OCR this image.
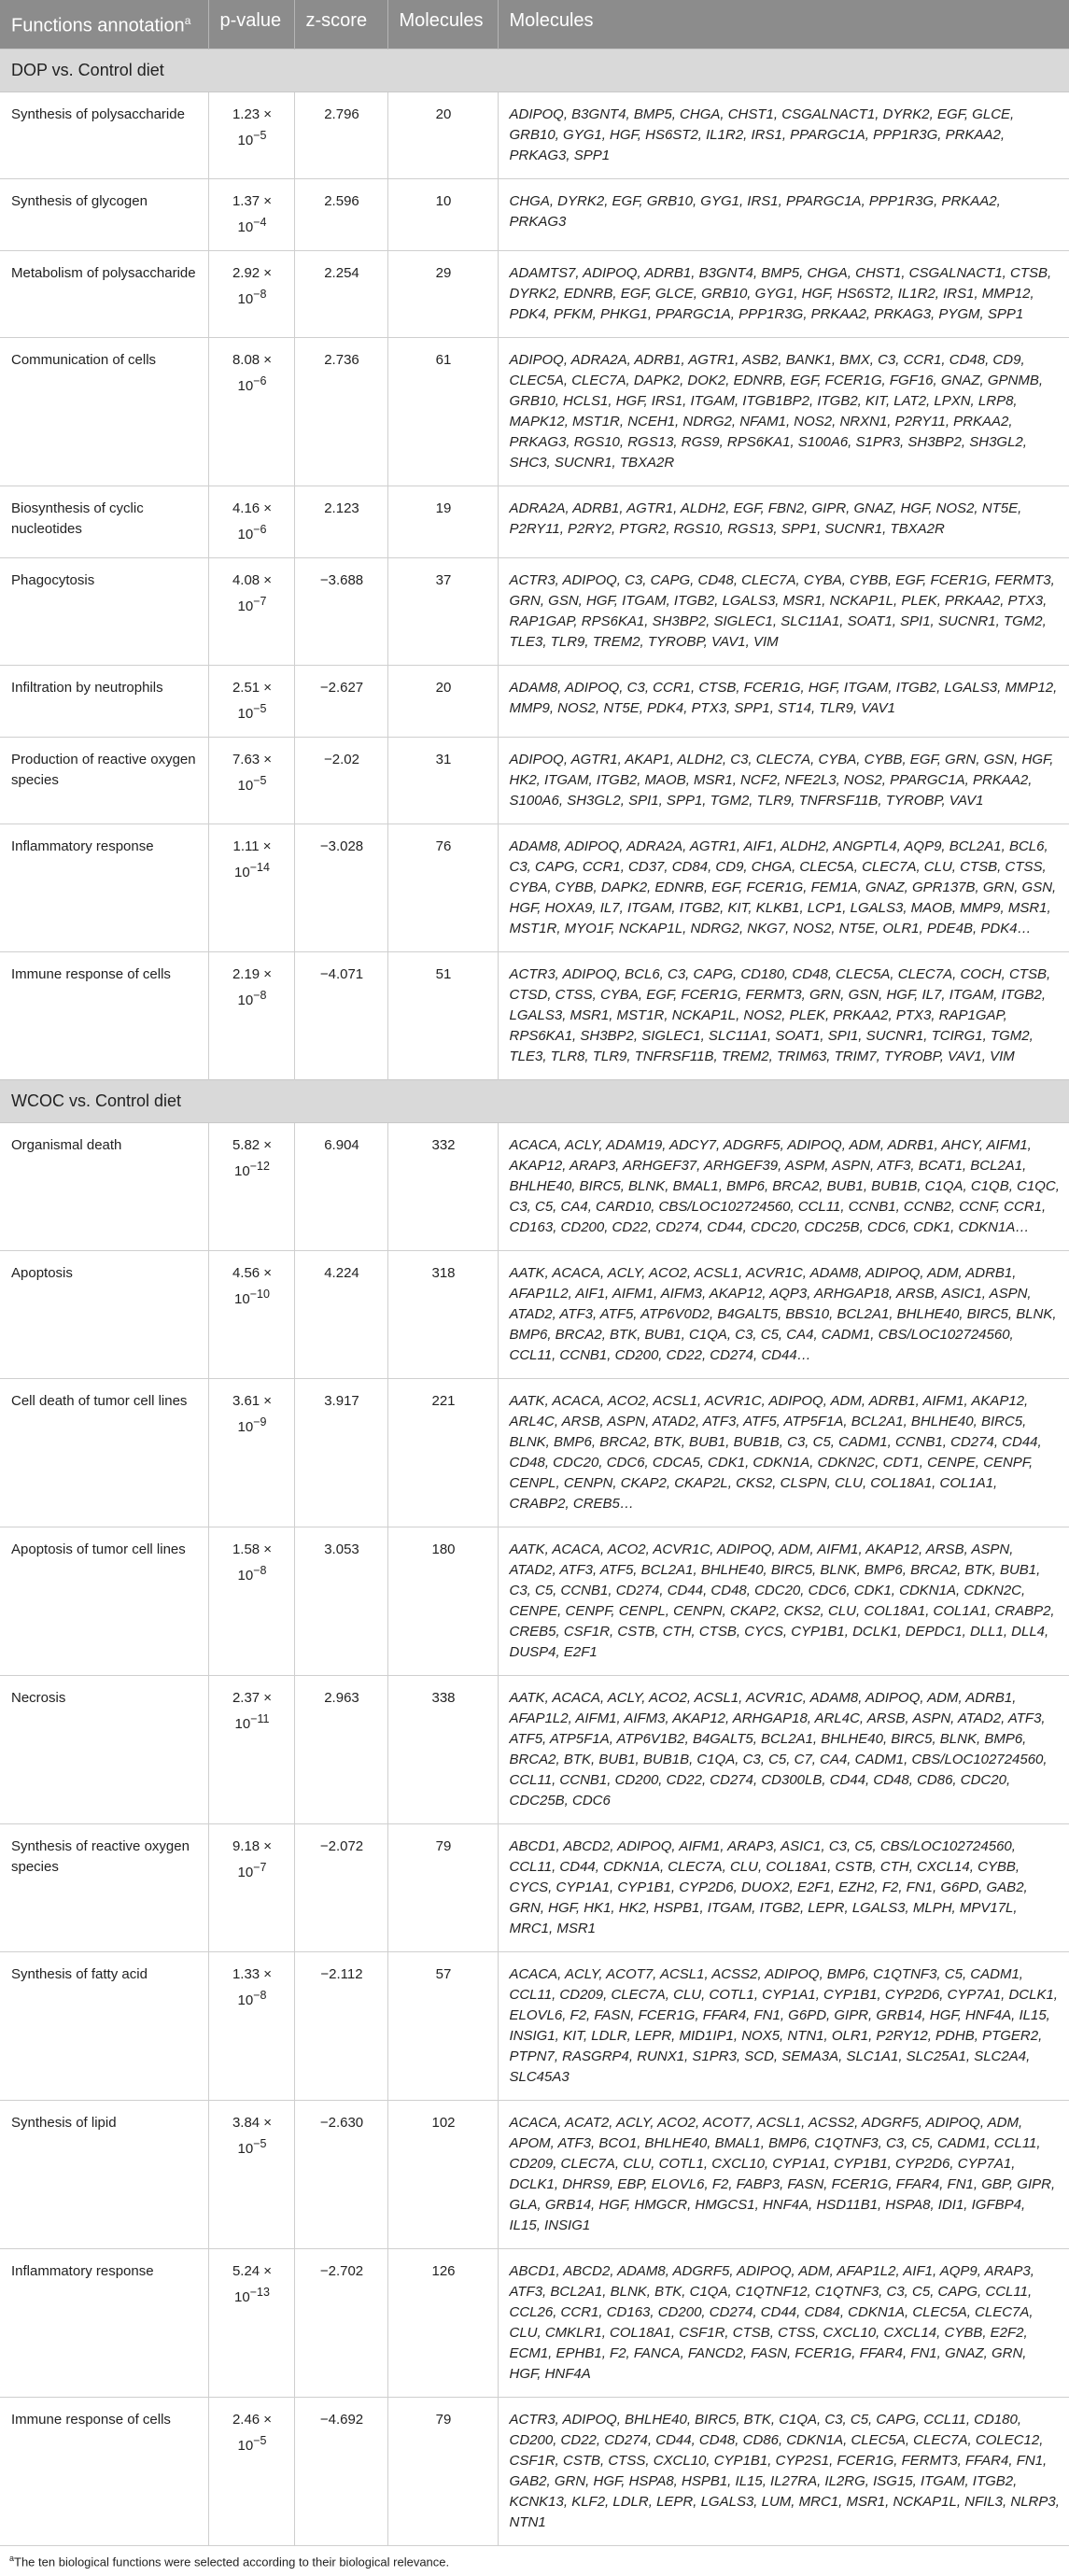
Functions annotation$^a$	p-value	z-score	Molecules	Molecules
DOP vs. Control diet				
Synthesis of polysaccharide	$1.23 \times 10^{-5}$	2.796	20	ADIPOQ, B3GNT4, BMP5, CHGA, CHST1, CSGALNACT1, DYRK2, EGF, GLCE, GRB10, GYG1, HGF, HS6ST2, IL1R2, IRS1, PPARGC1A, PPP1R3G, PRKAA2, PRKAG3, SPP1
Synthesis of glycogen	$1.37 \times 10^{-4}$	2.596	10	CHGA, DYRK2, EGF, GRB10, GYG1, IRS1, PPARGC1A, PPP1R3G, PRKAA2, PRKAG3
Metabolism of polysaccharide	$2.92 \times 10^{-8}$	2.254	29	ADAMTS7, ADIPOQ, ADRB1, B3GNT4, BMP5, CHGA, CHST1, CSGALNACT1, CTSB, DYRK2, EDNRB, EGF, GLCE, GRB10, GYG1, HGF, HS6ST2, IL1R2, IRS1, MMP12, PDK4, PFKM, PHKG1, PPARGC1A, PPP1R3G, PRKAA2, PRKAG3, PYGM, SPP1
Communication of cells	$8.08 \times 10^{-6}$	2.736	61	ADIPOQ, ADRA2A, ADRB1, AGTR1, ASB2, BANK1, BMX, C3, CCR1, CD48, CD9, CLEC5A, CLEC7A, DAPK2, DOK2, EDNRB, EGF, FCER1G, FGF16, GNAZ, GPNMB, GRB10, HCLS1, HGF, IRS1, ITGAM, ITGB1BP2, ITGB2, KIT, LAT2, LPXN, LRP8, MAPK12, MST1R, NCEH1, NDRG2, NFAM1, NOS2, NRXN1, P2RY11, PRKAA2, PRKAG3, RGS10, RGS13, RGS9, RPS6KA1, S100A6, S1PR3, SH3BP2, SH3GL2, SHC3, SUCNR1, TBXA2R
Biosynthesis of cyclic nucleotides	$4.16 \times 10^{-6}$	2.123	19	ADRA2A, ADRB1, AGTR1, ALDH2, EGF, FBN2, GIPR, GNAZ, HGF, NOS2, NT5E, P2RY11, P2RY2, PTGR2, RGS10, RGS13, SPP1, SUCNR1, TBXA2R
Phagocytosis	$4.08 \times 10^{-7}$	−3.688	37	ACTR3, ADIPOQ, C3, CAPG, CD48, CLEC7A, CYBA, CYBB, EGF, FCER1G, FERMT3, GRN, GSN, HGF, ITGAM, ITGB2, LGALS3, MSR1, NCKAP1L, PLEK, PRKAA2, PTX3, RAP1GAP, RPS6KA1, SH3BP2, SIGLEC1, SLC11A1, SOAT1, SPI1, SUCNR1, TGM2, TLE3, TLR9, TREM2, TYROBP, VAV1, VIM
Infiltration by neutrophils	$2.51 \times 10^{-5}$	−2.627	20	ADAM8, ADIPOQ, C3, CCR1, CTSB, FCER1G, HGF, ITGAM, ITGB2, LGALS3, MMP12, MMP9, NOS2, NT5E, PDK4, PTX3, SPP1, ST14, TLR9, VAV1
Production of reactive oxygen species	$7.63 \times 10^{-5}$	−2.02	31	ADIPOQ, AGTR1, AKAP1, ALDH2, C3, CLEC7A, CYBA, CYBB, EGF, GRN, GSN, HGF, HK2, ITGAM, ITGB2, MAOB, MSR1, NCF2, NFE2L3, NOS2, PPARGC1A, PRKAA2, S100A6, SH3GL2, SPI1, SPP1, TGM2, TLR9, TNFRSF11B, TYROBP, VAV1
Inflammatory response	$1.11 \times 10^{-14}$	−3.028	76	ADAM8, ADIPOQ, ADRA2A, AGTR1, AIF1, ALDH2, ANGPTL4, AQP9, BCL2A1, BCL6, C3, CAPG, CCR1, CD37, CD84, CD9, CHGA, CLEC5A, CLEC7A, CLU, CTSB, CTSS, CYBA, CYBB, DAPK2, EDNRB, EGF, FCER1G, FEM1A, GNAZ, GPR137B, GRN, GSN, HGF, HOXA9, IL7, ITGAM, ITGB2, KIT, KLKB1, LCP1, LGALS3, MAOB, MMP9, MSR1, MST1R, MYO1F, NCKAP1L, NDRG2, NKG7, NOS2, NT5E, OLR1, PDE4B, PDK4…
Immune response of cells	$2.19 \times 10^{-8}$	−4.071	51	ACTR3, ADIPOQ, BCL6, C3, CAPG, CD180, CD48, CLEC5A, CLEC7A, COCH, CTSB, CTSD, CTSS, CYBA, EGF, FCER1G, FERMT3, GRN, GSN, HGF, IL7, ITGAM, ITGB2, LGALS3, MSR1, MST1R, NCKAP1L, NOS2, PLEK, PRKAA2, PTX3, RAP1GAP, RPS6KA1, SH3BP2, SIGLEC1, SLC11A1, SOAT1, SPI1, SUCNR1, TCIRG1, TGM2, TLE3, TLR8, TLR9, TNFRSF11B, TREM2, TRIM63, TRIM7, TYROBP, VAV1, VIM
WCOC vs. Control diet				
Organismal death	$5.82 \times 10^{-12}$	6.904	332	ACACA, ACLY, ADAM19, ADCY7, ADGRF5, ADIPOQ, ADM, ADRB1, AHCY, AIFM1, AKAP12, ARAP3, ARHGEF37, ARHGEF39, ASPM, ASPN, ATF3, BCAT1, BCL2A1, BHLHE40, BIRC5, BLNK, BMAL1, BMP6, BRCA2, BUB1, BUB1B, C1QA, C1QB, C1QC, C3, C5, CA4, CARD10, CBS/LOC102724560, CCL11, CCNB1, CCNB2, CCNF, CCR1, CD163, CD200, CD22, CD274, CD44, CDC20, CDC25B, CDC6, CDK1, CDKN1A…
Apoptosis	$4.56 \times 10^{-10}$	4.224	318	AATK, ACACA, ACLY, ACO2, ACSL1, ACVR1C, ADAM8, ADIPOQ, ADM, ADRB1, AFAP1L2, AIF1, AIFM1, AIFM3, AKAP12, AQP3, ARHGAP18, ARSB, ASIC1, ASPN, ATAD2, ATF3, ATF5, ATP6V0D2, B4GALT5, BBS10, BCL2A1, BHLHE40, BIRC5, BLNK, BMP6, BRCA2, BTK, BUB1, C1QA, C3, C5, CA4, CADM1, CBS/LOC102724560, CCL11, CCNB1, CD200, CD22, CD274, CD44…
Cell death of tumor cell lines	$3.61 \times 10^{-9}$	3.917	221	AATK, ACACA, ACO2, ACSL1, ACVR1C, ADIPOQ, ADM, ADRB1, AIFM1, AKAP12, ARL4C, ARSB, ASPN, ATAD2, ATF3, ATF5, ATP5F1A, BCL2A1, BHLHE40, BIRC5, BLNK, BMP6, BRCA2, BTK, BUB1, BUB1B, C3, C5, CADM1, CCNB1, CD274, CD44, CD48, CDC20, CDC6, CDCA5, CDK1, CDKN1A, CDKN2C, CDT1, CENPE, CENPF, CENPL, CENPN, CKAP2, CKAP2L, CKS2, CLSPN, CLU, COL18A1, COL1A1, CRABP2, CREB5…
Apoptosis of tumor cell lines	$1.58 \times 10^{-8}$	3.053	180	AATK, ACACA, ACO2, ACVR1C, ADIPOQ, ADM, AIFM1, AKAP12, ARSB, ASPN, ATAD2, ATF3, ATF5, BCL2A1, BHLHE40, BIRC5, BLNK, BMP6, BRCA2, BTK, BUB1, C3, C5, CCNB1, CD274, CD44, CD48, CDC20, CDC6, CDK1, CDKN1A, CDKN2C, CENPE, CENPF, CENPL, CENPN, CKAP2, CKS2, CLU, COL18A1, COL1A1, CRABP2, CREB5, CSF1R, CSTB, CTH, CTSB, CYCS, CYP1B1, DCLK1, DEPDC1, DLL1, DLL4, DUSP4, E2F1
Necrosis	$2.37 \times 10^{-11}$	2.963	338	AATK, ACACA, ACLY, ACO2, ACSL1, ACVR1C, ADAM8, ADIPOQ, ADM, ADRB1, AFAP1L2, AIFM1, AIFM3, AKAP12, ARHGAP18, ARL4C, ARSB, ASPN, ATAD2, ATF3, ATF5, ATP5F1A, ATP6V1B2, B4GALT5, BCL2A1, BHLHE40, BIRC5, BLNK, BMP6, BRCA2, BTK, BUB1, BUB1B, C1QA, C3, C5, C7, CA4, CADM1, CBS/LOC102724560, CCL11, CCNB1, CD200, CD22, CD274, CD300LB, CD44, CD48, CD86, CDC20, CDC25B, CDC6
Synthesis of reactive oxygen species	$9.18 \times 10^{-7}$	−2.072	79	ABCD1, ABCD2, ADIPOQ, AIFM1, ARAP3, ASIC1, C3, C5, CBS/LOC102724560, CCL11, CD44, CDKN1A, CLEC7A, CLU, COL18A1, CSTB, CTH, CXCL14, CYBB, CYCS, CYP1A1, CYP1B1, CYP2D6, DUOX2, E2F1, EZH2, F2, FN1, G6PD, GAB2, GRN, HGF, HK1, HK2, HSPB1, ITGAM, ITGB2, LEPR, LGALS3, MLPH, MPV17L, MRC1, MSR1
Synthesis of fatty acid	$1.33 \times 10^{-8}$	−2.112	57	ACACA, ACLY, ACOT7, ACSL1, ACSS2, ADIPOQ, BMP6, C1QTNF3, C5, CADM1, CCL11, CD209, CLEC7A, CLU, COTL1, CYP1A1, CYP1B1, CYP2D6, CYP7A1, DCLK1, ELOVL6, F2, FASN, FCER1G, FFAR4, FN1, G6PD, GIPR, GRB14, HGF, HNF4A, IL15, INSIG1, KIT, LDLR, LEPR, MID1IP1, NOX5, NTN1, OLR1, P2RY12, PDHB, PTGER2, PTPN7, RASGRP4, RUNX1, S1PR3, SCD, SEMA3A, SLC1A1, SLC25A1, SLC2A4, SLC45A3
Synthesis of lipid	$3.84 \times 10^{-5}$	−2.630	102	ACACA, ACAT2, ACLY, ACO2, ACOT7, ACSL1, ACSS2, ADGRF5, ADIPOQ, ADM, APOM, ATF3, BCO1, BHLHE40, BMAL1, BMP6, C1QTNF3, C3, C5, CADM1, CCL11, CD209, CLEC7A, CLU, COTL1, CXCL10, CYP1A1, CYP1B1, CYP2D6, CYP7A1, DCLK1, DHRS9, EBP, ELOVL6, F2, FABP3, FASN, FCER1G, FFAR4, FN1, GBP, GIPR, GLA, GRB14, HGF, HMGCR, HMGCS1, HNF4A, HSD11B1, HSPA8, IDI1, IGFBP4, IL15, INSIG1
Inflammatory response	$5.24 \times 10^{-13}$	−2.702	126	ABCD1, ABCD2, ADAM8, ADGRF5, ADIPOQ, ADM, AFAP1L2, AIF1, AQP9, ARAP3, ATF3, BCL2A1, BLNK, BTK, C1QA, C1QTNF12, C1QTNF3, C3, C5, CAPG, CCL11, CCL26, CCR1, CD163, CD200, CD274, CD44, CD84, CDKN1A, CLEC5A, CLEC7A, CLU, CMKLR1, COL18A1, CSF1R, CTSB, CTSS, CXCL10, CXCL14, CYBB, E2F2, ECM1, EPHB1, F2, FANCA, FANCD2, FASN, FCER1G, FFAR4, FN1, GNAZ, GRN, HGF, HNF4A
Immune response of cells	$2.46 \times 10^{-5}$	−4.692	79	ACTR3, ADIPOQ, BHLHE40, BIRC5, BTK, C1QA, C3, C5, CAPG, CCL11, CD180, CD200, CD22, CD274, CD44, CD48, CD86, CDKN1A, CLEC5A, CLEC7A, COLEC12, CSF1R, CSTB, CTSS, CXCL10, CYP1B1, CYP2S1, FCER1G, FERMT3, FFAR4, FN1, GAB2, GRN, HGF, HSPA8, HSPB1, IL15, IL27RA, IL2RG, ISG15, ITGAM, ITGB2, KCNK13, KLF2, LDLR, LEPR, LGALS3, LUM, MRC1, MSR1, NCKAP1L, NFIL3, NLRP3, NTN1
$^a$The ten biological functions were selected according to their biological relevance.
